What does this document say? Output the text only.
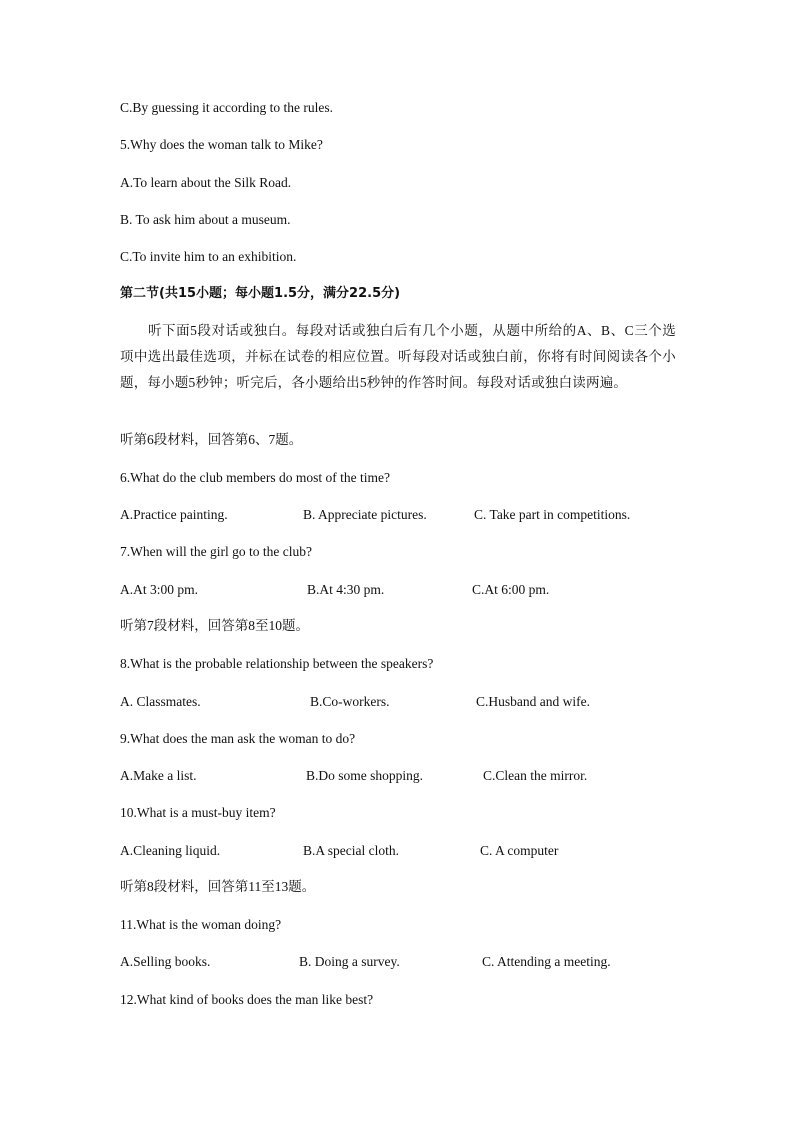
C.By guessing it according to the rules.
5.Why does the woman talk to Mike?
A.To learn about the Silk Road.
B. To ask him about a museum.
C.To invite him to an exhibition.
第二节(共15小题；每小题1.5分，满分22.5分)
听下面5段对话或独白。每段对话或独白后有几个小题，从题中所给的A、B、C三个选项中选出最佳选项，并标在试卷的相应位置。听每段对话或独白前，你将有时间阅读各个小题，每小题5秒钟；听完后，各小题给出5秒钟的作答时间。每段对话或独白读两遍。
听第6段材料，回答第6、7题。
6.What do the club members do most of the time?
A.Practice painting.	B. Appreciate pictures.	C. Take part in competitions.
7.When will the girl go to the club?
A.At 3:00 pm.	B.At 4:30 pm.	C.At 6:00 pm.
听第7段材料，回答第8至10题。
8.What is the probable relationship between the speakers?
A. Classmates.	B.Co-workers.	C.Husband and wife.
9.What does the man ask the woman to do?
A.Make a list.	B.Do some shopping.	C.Clean the mirror.
10.What is a must-buy item?
A.Cleaning liquid.	B.A special cloth.	C. A computer
听第8段材料，回答第11至13题。
11.What is the woman doing?
A.Selling books.	B. Doing a survey.	C. Attending a meeting.
12.What kind of books does the man like best?
